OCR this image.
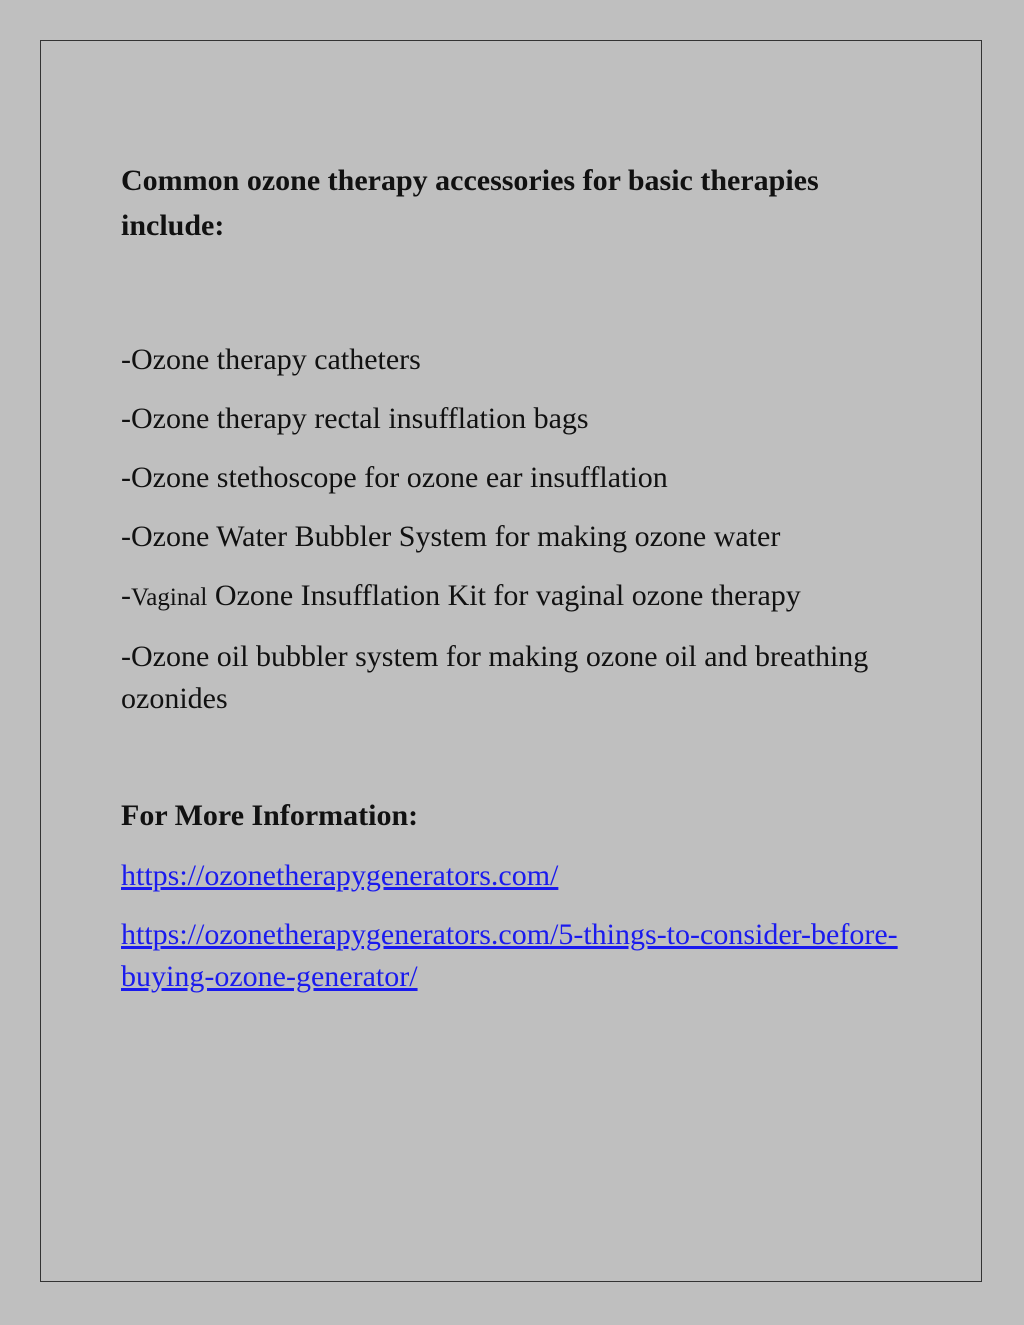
Common ozone therapy accessories for basic therapies include:

-Ozone therapy catheters
-Ozone therapy rectal insufflation bags
-Ozone stethoscope for ozone ear insufflation
-Ozone Water Bubbler System for making ozone water
-Vaginal Ozone Insufflation Kit for vaginal ozone therapy
-Ozone oil bubbler system for making ozone oil and breathing ozonides

For More Information:

https://ozonetherapygenerators.com/
https://ozonetherapygenerators.com/5-things-to-consider-before-buying-ozone-generator/
